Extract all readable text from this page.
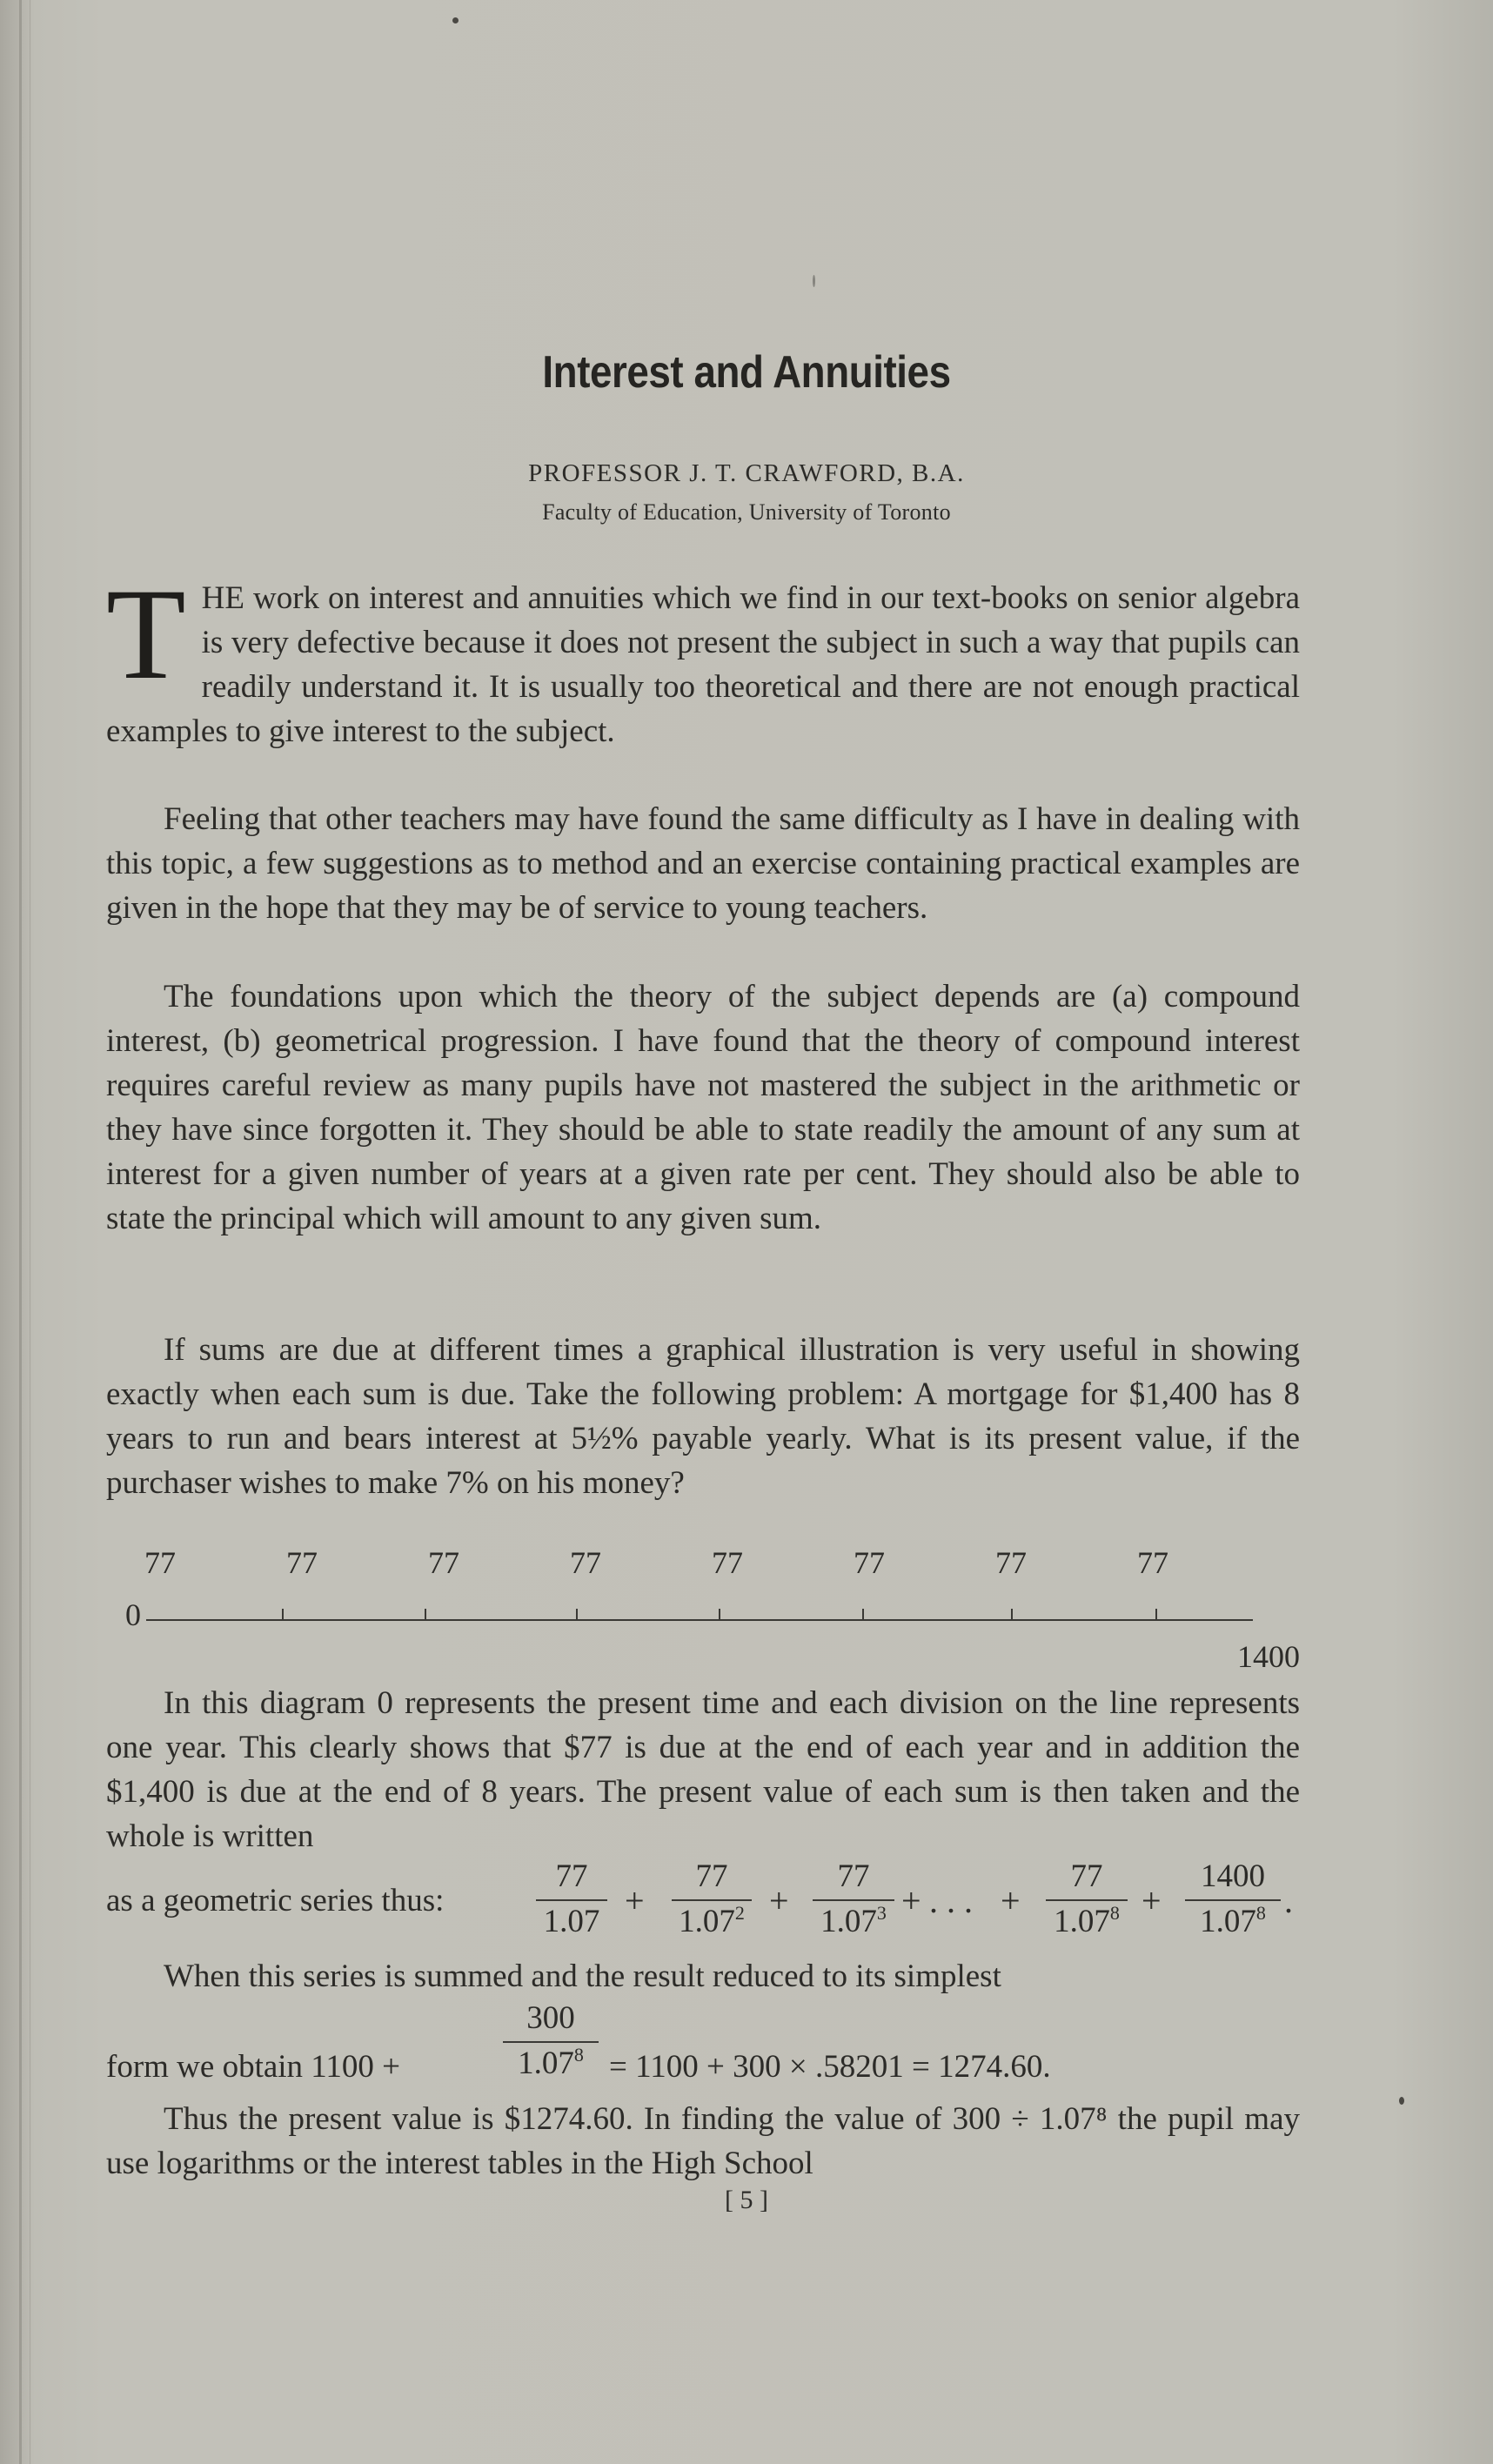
Interest and Annuities
PROFESSOR J. T. CRAWFORD, B.A.
Faculty of Education, University of Toronto

THE work on interest and annuities which we find in our text-books on senior algebra is very defective because it does not present the subject in such a way that pupils can readily understand it. It is usually too theoretical and there are not enough practical examples to give interest to the subject.

Feeling that other teachers may have found the same difficulty as I have in dealing with this topic, a few suggestions as to method and an exercise containing practical examples are given in the hope that they may be of service to young teachers.

The foundations upon which the theory of the subject depends are (a) compound interest, (b) geometrical progression. I have found that the theory of compound interest requires careful review as many pupils have not mastered the subject in the arithmetic or they have since forgotten it. They should be able to state readily the amount of any sum at interest for a given number of years at a given rate per cent. They should also be able to state the principal which will amount to any given sum.

If sums are due at different times a graphical illustration is very useful in showing exactly when each sum is due. Take the following problem: A mortgage for $1,400 has 8 years to run and bears interest at 5½% payable yearly. What is its present value, if the purchaser wishes to make 7% on his money?

77	77	77	77	77	77	77	77
0
1400

In this diagram 0 represents the present time and each division on the line represents one year. This clearly shows that $77 is due at the end of each year and in addition the $1,400 is due at the end of 8 years. The present value of each sum is then taken and the whole is written

as a geometric series thus:	$\frac{77}{1.07} + \frac{77}{1.07^2} + \frac{77}{1.07^3}$ + . . . + $\frac{77}{1.07^8} + \frac{1400}{1.07^8}$ .

When this series is summed and the result reduced to its simplest

form we obtain 1100 +	$\frac{300}{1.07^8} = 1100 + 300 \times .58201 = 1274.60$.

Thus the present value is $1274.60. In finding the value of 300 ÷ 1.07⁸ the pupil may use logarithms or the interest tables in the High School

[ 5 ]
